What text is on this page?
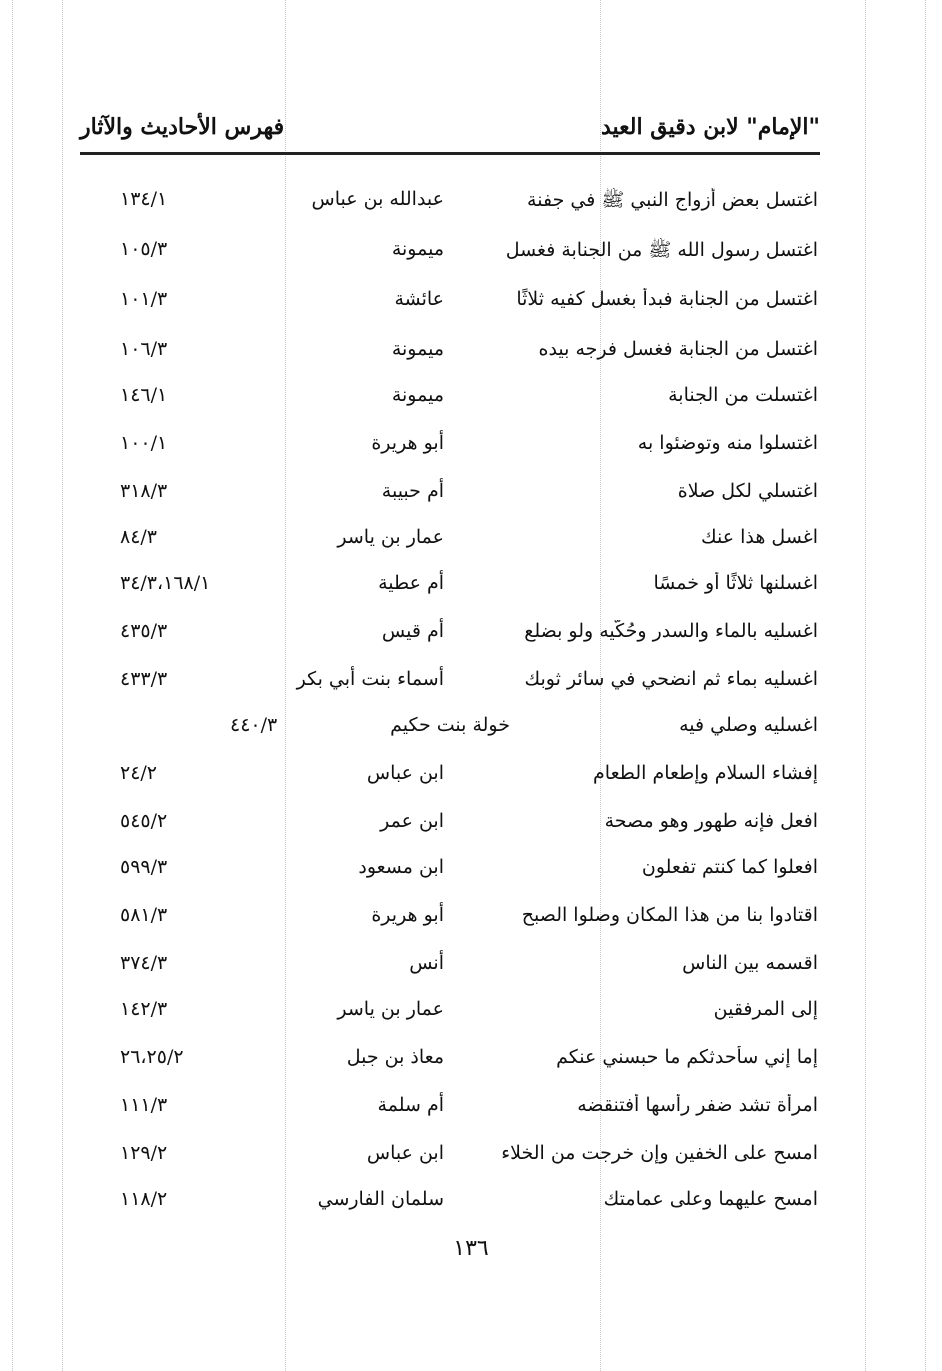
"الإمام" لابن دقيق العيد
فهرس الأحاديث والآثار
اغتسل بعض أزواج النبي ﷺ في جفنة
عبدالله بن عباس
١٣٤/١
اغتسل رسول الله ﷺ من الجنابة فغسل
ميمونة
١٠٥/٣
اغتسل من الجنابة فبدأ بغسل كفيه ثلاثًا
عائشة
١٠١/٣
اغتسل من الجنابة فغسل فرجه بيده
ميمونة
١٠٦/٣
اغتسلت من الجنابة
ميمونة
١٤٦/١
اغتسلوا منه وتوضئوا به
أبو هريرة
١٠٠/١
اغتسلي لكل صلاة
أم حبيبة
٣١٨/٣
اغسل هذا عنك
عمار بن ياسر
٨٤/٣
اغسلنها ثلاثًا أو خمسًا
أم عطية
٣٤/٣،١٦٨/١
اغسليه بالماء والسدر وحُكّيه ولو بضلع
أم قيس
٤٣٥/٣
اغسليه بماء ثم انضحي في سائر ثوبك
أسماء بنت أبي بكر
٤٣٣/٣
اغسليه وصلي فيه
خولة بنت حكيم
٤٤٠/٣
إفشاء السلام وإطعام الطعام
ابن عباس
٢٤/٢
افعل فإنه طهور وهو مصحة
ابن عمر
٥٤٥/٢
افعلوا كما كنتم تفعلون
ابن مسعود
٥٩٩/٣
اقتادوا بنا من هذا المكان وصلوا الصبح
أبو هريرة
٥٨١/٣
اقسمه بين الناس
أنس
٣٧٤/٣
إلى المرفقين
عمار بن ياسر
١٤٢/٣
إما إني سأحدثكم ما حبسني عنكم
معاذ بن جبل
٢٦،٢٥/٢
امرأة تشد ضفر رأسها أفتنقضه
أم سلمة
١١١/٣
امسح على الخفين وإن خرجت من الخلاء
ابن عباس
١٢٩/٢
امسح عليهما وعلى عمامتك
سلمان الفارسي
١١٨/٢
١٣٦
